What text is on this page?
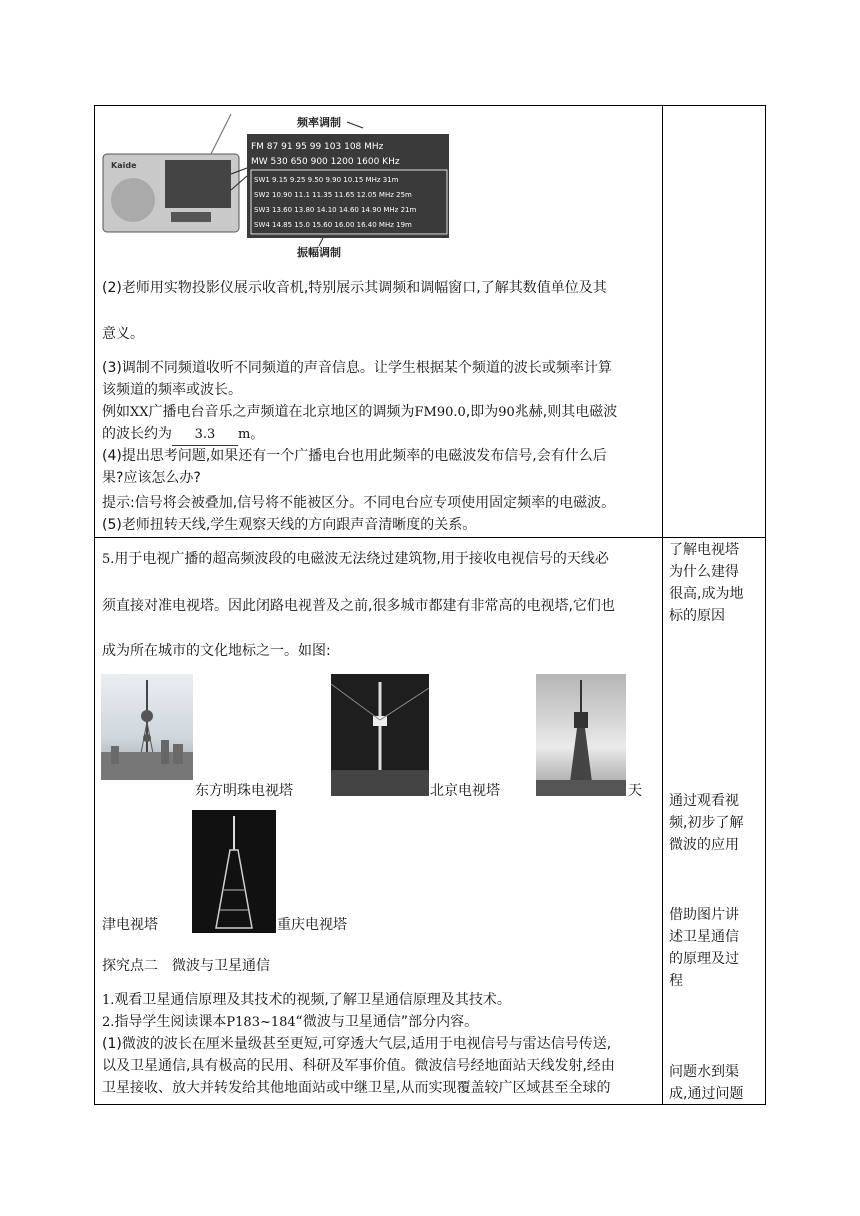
频率调制
Kaide
FM 87 91 95 99 103 108 MHz
MW 530 650 900 1200 1600 KHz
SW1 9.15 9.25 9.50 9.90 10.15 MHz 31m
SW2 10.90 11.1 11.35 11.65 12.05 MHz 25m
SW3 13.60 13.80 14.10 14.60 14.90 MHz 21m
SW4 14.85 15.0 15.60 16.00 16.40 MHz 19m
振幅调制
(2)老师用实物投影仪展示收音机,特别展示其调频和调幅窗口,了解其数值单位及其
意义。
(3)调制不同频道收听不同频道的声音信息。让学生根据某个频道的波长或频率计算
该频道的频率或波长。
例如XX广播电台音乐之声频道在北京地区的调频为FM90.0,即为90兆赫,则其电磁波
的波长约为 3.3 m。
(4)提出思考问题,如果还有一个广播电台也用此频率的电磁波发布信号,会有什么后
果?应该怎么办?
提示:信号将会被叠加,信号将不能被区分。不同电台应专项使用固定频率的电磁波。
(5)老师扭转天线,学生观察天线的方向跟声音清晰度的关系。
5.用于电视广播的超高频波段的电磁波无法绕过建筑物,用于接收电视信号的天线必
须直接对准电视塔。因此闭路电视普及之前,很多城市都建有非常高的电视塔,它们也
成为所在城市的文化地标之一。如图:
东方明珠电视塔	北京电视塔	天
津电视塔	重庆电视塔
探究点二　微波与卫星通信
1.观看卫星通信原理及其技术的视频,了解卫星通信原理及其技术。
2.指导学生阅读课本P183~184“微波与卫星通信”部分内容。
(1)微波的波长在厘米量级甚至更短,可穿透大气层,适用于电视信号与雷达信号传送,
以及卫星通信,具有极高的民用、科研及军事价值。微波信号经地面站天线发射,经由
卫星接收、放大并转发给其他地面站或中继卫星,从而实现覆盖较广区域甚至全球的
了解电视塔
为什么建得
很高,成为地
标的原因
通过观看视
频,初步了解
微波的应用
借助图片讲
述卫星通信
的原理及过
程
问题水到渠
成,通过问题
